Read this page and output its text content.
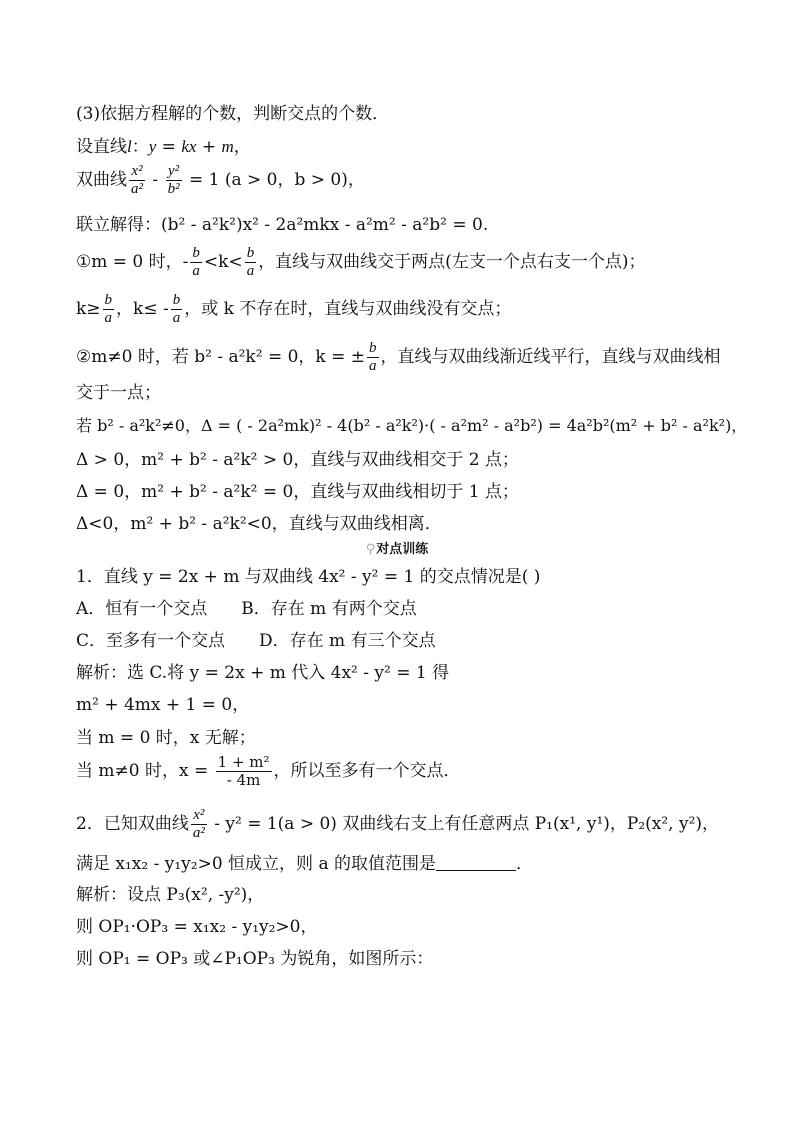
(3)依据方程解的个数，判断交点的个数．
设直线l：y = kx + m，
双曲线 $\frac{\text{x²}}{\text{a²}} - \frac{\text{y²}}{\text{b²}} = 1$ (a > 0，b > 0)，
联立解得：(b² - a²k²)x² - 2a²mkx - a²m² - a²b² = 0.
①m = 0 时，- $\frac{b}{a} <k< \frac{b}{a}$ ，直线与双曲线交于两点(左支一个点右支一个点)；
$k\ge \frac{b}{a}$ ，$k\le - \frac{b}{a}$ ，或 k 不存在时，直线与双曲线没有交点；
②m≠0 时，若 b² - a²k² = 0，k = ± $\frac{b}{a}$ ，直线与双曲线渐近线平行，直线与双曲线相
交于一点；
若 b² - a²k²≠0，Δ = ( - 2a²mk)² - 4(b² - a²k²)·( - a²m² - a²b²) = 4a²b²(m² + b² - a²k²)，
Δ > 0，m² + b² - a²k² > 0，直线与双曲线相交于 2 点；
Δ = 0，m² + b² - a²k² = 0，直线与双曲线相切于 1 点；
Δ<0，m² + b² - a²k²<0，直线与双曲线相离．
⚲对点训练
1．直线 y = 2x + m 与双曲线 4x² - y² = 1 的交点情况是( )
A．恒有一个交点 B．存在 m 有两个交点
C．至多有一个交点 D．存在 m 有三个交点
解析：选 C.将 y = 2x + m 代入 4x² - y² = 1 得
m² + 4mx + 1 = 0，
当 m = 0 时，x 无解；
当 m≠0 时，$x = \frac{\text{1 + m²}}{- 4m}$ ，所以至多有一个交点．
2．已知双曲线 $\frac{\text{x²}}{\text{a²}} - y^2 = 1(a > 0)$ 双曲线右支上有任意两点 P₁(x¹, y¹)，P₂(x², y²)，
满足 x₁x₂ - y₁y₂>0 恒成立，则 a 的取值范围是	．
解析：设点 P₃(x², -y²)，
则 OP₁·OP₃ = x₁x₂ - y₁y₂>0，
则 OP₁ = OP₃ 或∠P₁OP₃ 为锐角，如图所示：
